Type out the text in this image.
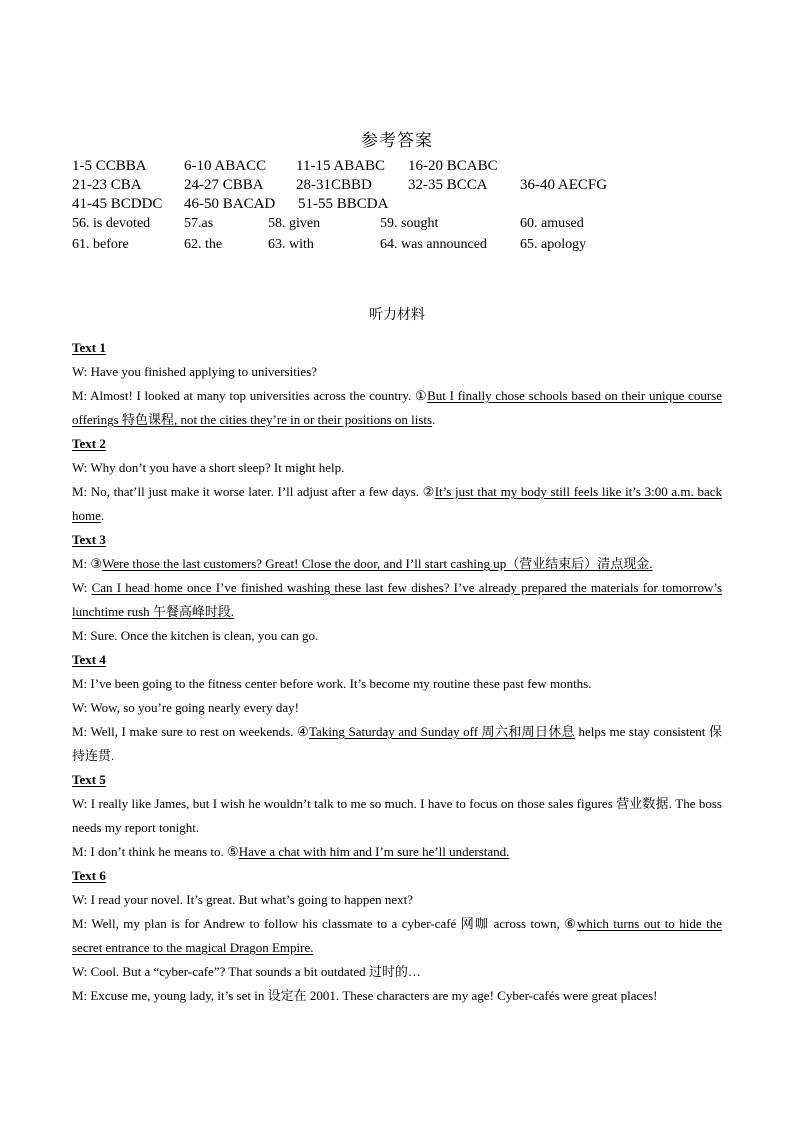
参考答案
1-5 CCBBA 6-10 ABACC 11-15 ABABC 16-20 BCABC
21-23 CBA	24-27 CBBA 28-31CBBD 32-35 BCCA 36-40 AECFG
41-45 BCDDC 46-50 BACAD 51-55 BBCDA
56. is devoted 57.as	58. given	59. sought	60. amused
61. before	62. the	63. with	64. was announced 65. apology
听力材料

Text 1

W: Have you finished applying to universities?

M: Almost! I looked at many top universities across the country. ①But I finally chose schools based on their unique course offerings 特色课程, not the cities they’re in or their positions on lists.

Text 2

W: Why don’t you have a short sleep? It might help.

M: No, that’ll just make it worse later. I’ll adjust after a few days. ②It’s just that my body still feels like it’s 3:00 a.m. back home.

Text 3

M: ③Were those the last customers? Great! Close the door, and I’ll start cashing up（营业结束后）清点现金.

W: Can I head home once I’ve finished washing these last few dishes? I’ve already prepared the materials for tomorrow’s lunchtime rush 午餐高峰时段.

M: Sure. Once the kitchen is clean, you can go.

Text 4

M: I’ve been going to the fitness center before work. It’s become my routine these past few months.

W: Wow, so you’re going nearly every day!

M: Well, I make sure to rest on weekends. ④Taking Saturday and Sunday off 周六和周日休息 helps me stay consistent 保持连贯.

Text 5

W: I really like James, but I wish he wouldn’t talk to me so much. I have to focus on those sales figures 营业数据. The boss needs my report tonight.

M: I don’t think he means to. ⑤Have a chat with him and I’m sure he’ll understand.

Text 6

W: I read your novel. It’s great. But what’s going to happen next?

M: Well, my plan is for Andrew to follow his classmate to a cyber-café 网咖 across town, ⑥which turns out to hide the secret entrance to the magical Dragon Empire.

W: Cool. But a “cyber-cafe”? That sounds a bit outdated 过时的…

M: Excuse me, young lady, it’s set in 设定在 2001. These characters are my age! Cyber-cafés were great places!
